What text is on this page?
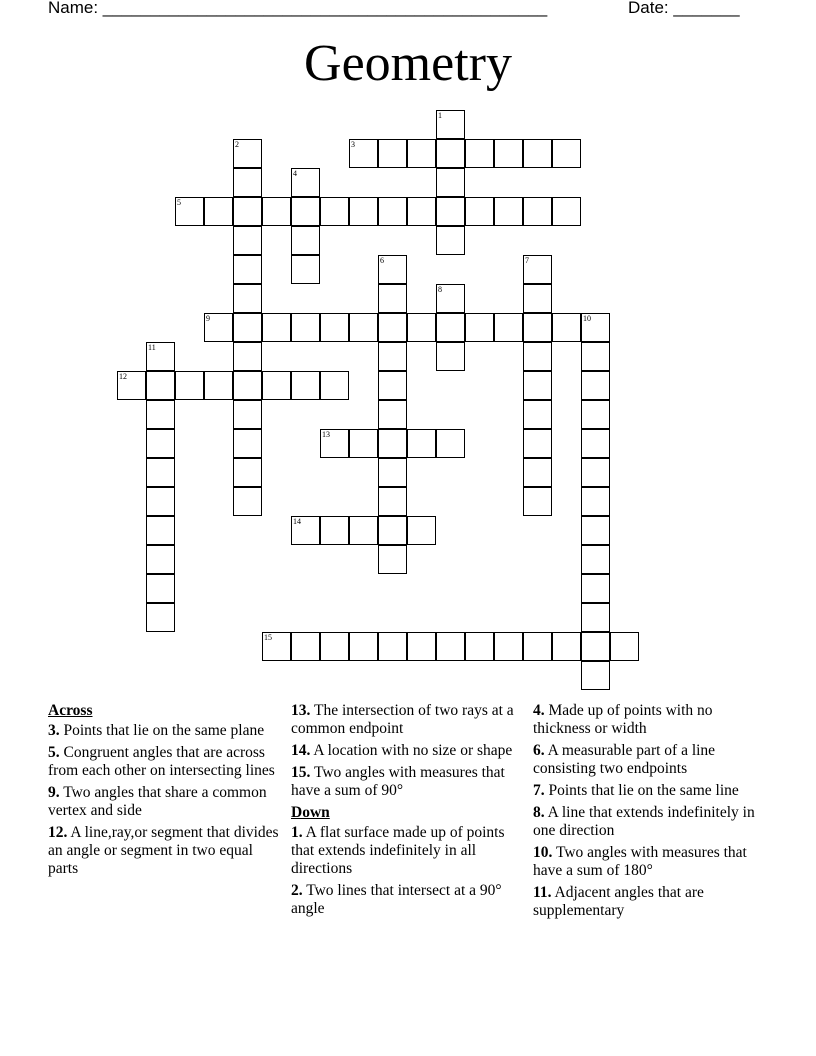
Name: _______________________________________________	Date: _______
Geometry
3
5
9	10
12
13
14
15
1
2
4
6	7
8
11
Across
3. Points that lie on the same plane
5. Congruent angles that are across from each other on intersecting lines
9. Two angles that share a common vertex and side
12. A line,ray,or segment that divides an angle or segment in two equal parts
13. The intersection of two rays at a common endpoint
14. A location with no size or shape
15. Two angles with measures that have a sum of 90°
Down
1. A flat surface made up of points that extends indefinitely in all directions
2. Two lines that intersect at a 90° angle
4. Made up of points with no thickness or width
6. A measurable part of a line consisting two endpoints
7. Points that lie on the same line
8. A line that extends indefinitely in one direction
10. Two angles with measures that have a sum of 180°
11. Adjacent angles that are supplementary
